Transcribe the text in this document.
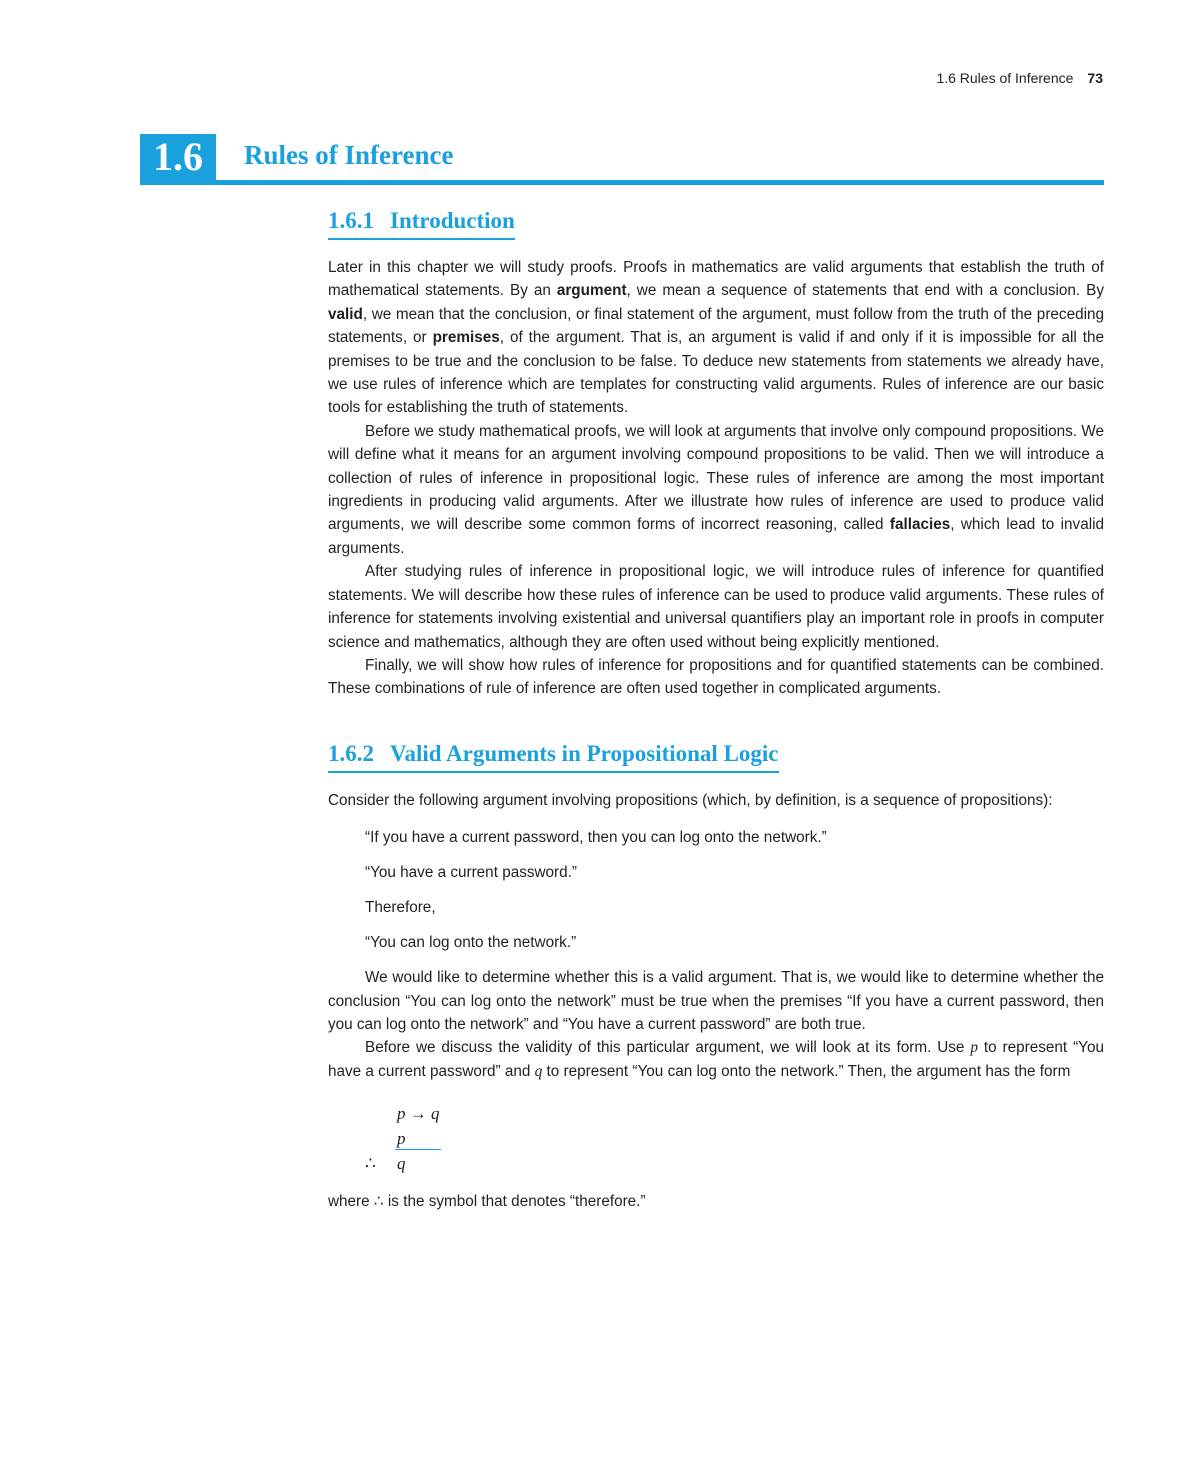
1.6 Rules of Inference 73
1.6	Rules of Inference
1.6.1 Introduction

Later in this chapter we will study proofs. Proofs in mathematics are valid arguments that establish the truth of mathematical statements. By an argument, we mean a sequence of statements that end with a conclusion. By valid, we mean that the conclusion, or final statement of the argument, must follow from the truth of the preceding statements, or premises, of the argument. That is, an argument is valid if and only if it is impossible for all the premises to be true and the conclusion to be false. To deduce new statements from statements we already have, we use rules of inference which are templates for constructing valid arguments. Rules of inference are our basic tools for establishing the truth of statements.

Before we study mathematical proofs, we will look at arguments that involve only compound propositions. We will define what it means for an argument involving compound propositions to be valid. Then we will introduce a collection of rules of inference in propositional logic. These rules of inference are among the most important ingredients in producing valid arguments. After we illustrate how rules of inference are used to produce valid arguments, we will describe some common forms of incorrect reasoning, called fallacies, which lead to invalid arguments.

After studying rules of inference in propositional logic, we will introduce rules of inference for quantified statements. We will describe how these rules of inference can be used to produce valid arguments. These rules of inference for statements involving existential and universal quantifiers play an important role in proofs in computer science and mathematics, although they are often used without being explicitly mentioned.

Finally, we will show how rules of inference for propositions and for quantified statements can be combined. These combinations of rule of inference are often used together in complicated arguments.

1.6.2 Valid Arguments in Propositional Logic

Consider the following argument involving propositions (which, by definition, is a sequence of propositions):

“If you have a current password, then you can log onto the network.”
“You have a current password.”
Therefore,
“You can log onto the network.”

We would like to determine whether this is a valid argument. That is, we would like to determine whether the conclusion “You can log onto the network” must be true when the premises “If you have a current password, then you can log onto the network” and “You have a current password” are both true.

Before we discuss the validity of this particular argument, we will look at its form. Use p to represent “You have a current password” and q to represent “You can log onto the network.” Then, the argument has the form

p → q
p
∴ q

where ∴ is the symbol that denotes “therefore.”
